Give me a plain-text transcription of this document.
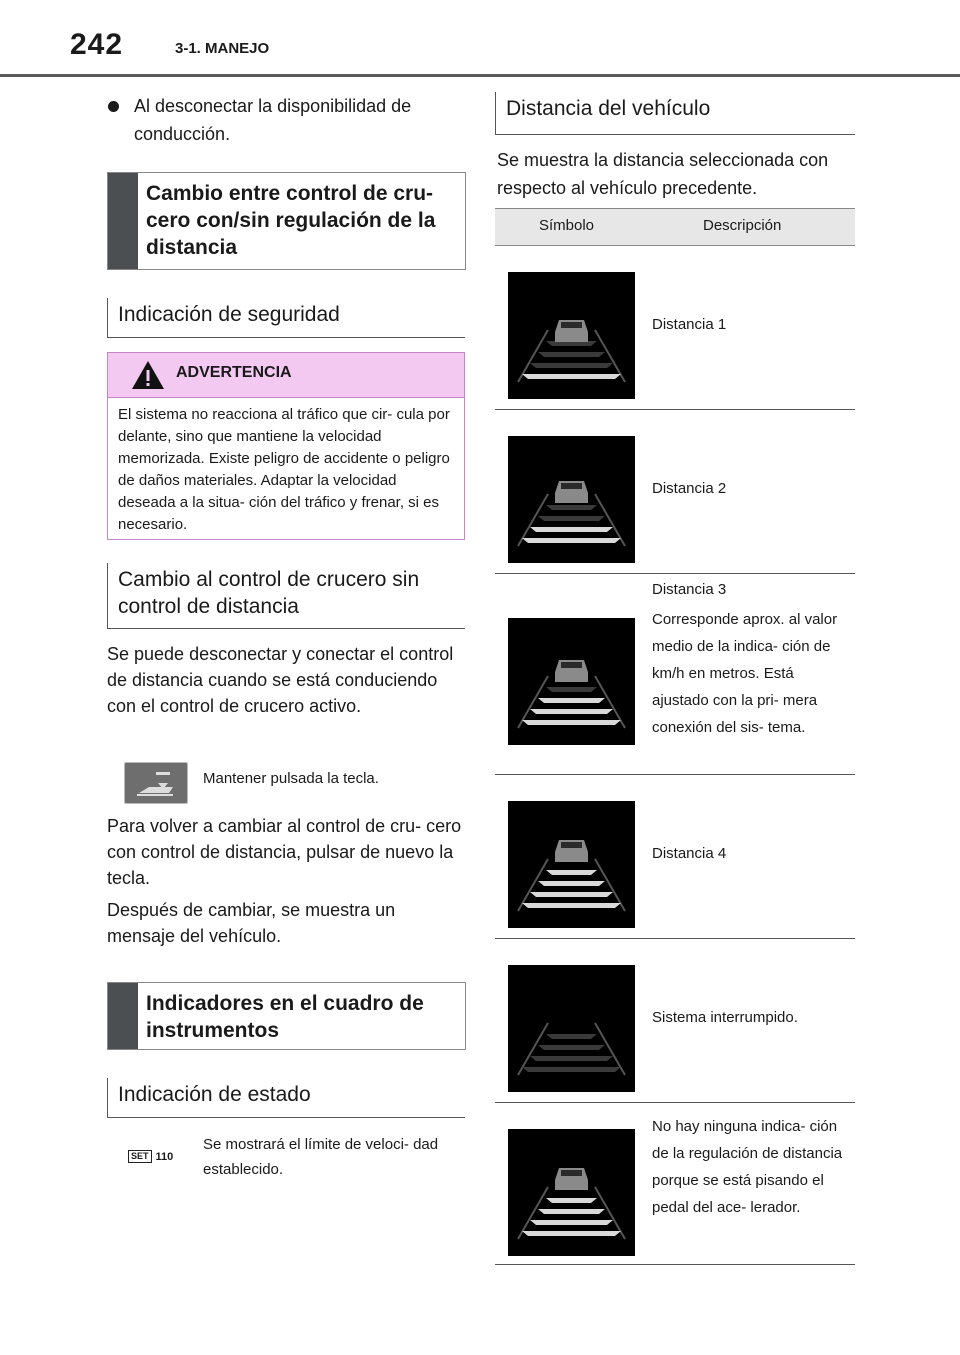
242	3-1. MANEJO
Al desconectar la disponibilidad de conducción.
Cambio entre control de cru- cero con/sin regulación de la distancia
Indicación de seguridad
ADVERTENCIA
El sistema no reacciona al tráfico que cir- cula por delante, sino que mantiene la velocidad memorizada. Existe peligro de accidente o peligro de daños materiales. Adaptar la velocidad deseada a la situa- ción del tráfico y frenar, si es necesario.
Cambio al control de crucero sin control de distancia
Se puede desconectar y conectar el control de distancia cuando se está conduciendo con el control de crucero activo.
Mantener pulsada la tecla.
Para volver a cambiar al control de cru- cero con control de distancia, pulsar de nuevo la tecla.
Después de cambiar, se muestra un mensaje del vehículo.
Indicadores en el cuadro de instrumentos
Indicación de estado
SET 110
Se mostrará el límite de veloci- dad establecido.
Distancia del vehículo
Se muestra la distancia seleccionada con respecto al vehículo precedente.
Símbolo	Descripción
Distancia 1
Distancia 2
Distancia 3
Corresponde aprox. al valor medio de la indica- ción de km/h en metros. Está ajustado con la pri- mera conexión del sis- tema.
Distancia 4
Sistema interrumpido.
No hay ninguna indica- ción de la regulación de distancia porque se está pisando el pedal del ace- lerador.
